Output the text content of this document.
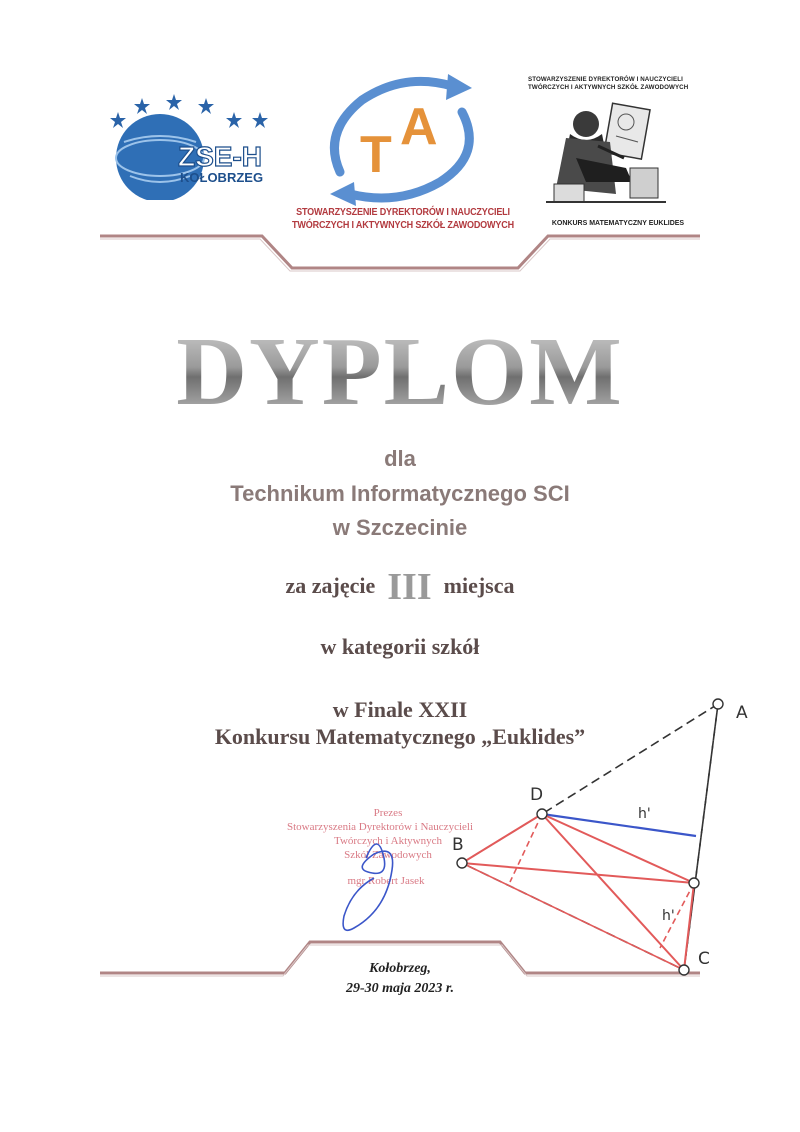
ZSE-H
KOŁOBRZEG T A
STOWARZYSZENIE DYREKTORÓW I NAUCZYCIELI
TWÓRCZYCH I AKTYWNYCH SZKÓŁ ZAWODOWYCH
STOWARZYSZENIE DYREKTORÓW I NAUCZYCIELI
TWÓRCZYCH I AKTYWNYCH SZKÓŁ ZAWODOWYCH
KONKURS MATEMATYCZNY EUKLIDES
DYPLOM
dla
Technikum Informatycznego SCI
w Szczecinie
za zajęcie III miejsca
w kategorii szkół
w Finale XXII
Konkursu Matematycznego „Euklides”
A
D
B
h'
h'
C
Prezes
Stowarzyszenia Dyrektorów i Nauczycieli
Twórczych i Aktywnych
Szkół Zawodowych
mgr Robert Jasek
Kołobrzeg,
29-30 maja 2023 r.
